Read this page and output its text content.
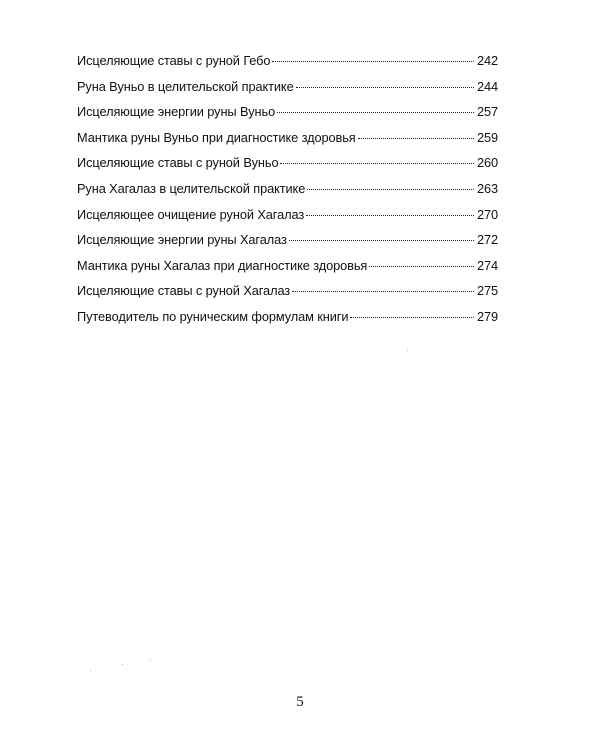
Исцеляющие ставы с руной Гебо	242
Руна Вуньо в целительской практике	244
Исцеляющие энергии руны Вуньо	257
Мантика руны Вуньо при диагностике здоровья	259
Исцеляющие ставы с руной Вуньо	260
Руна Хагалаз в целительской практике	263
Исцеляющее очищение руной Хагалаз	270
Исцеляющие энергии руны Хагалаз	272
Мантика руны Хагалаз при диагностике здоровья	274
Исцеляющие ставы с руной Хагалаз	275
Путеводитель по руническим формулам книги	279
5
